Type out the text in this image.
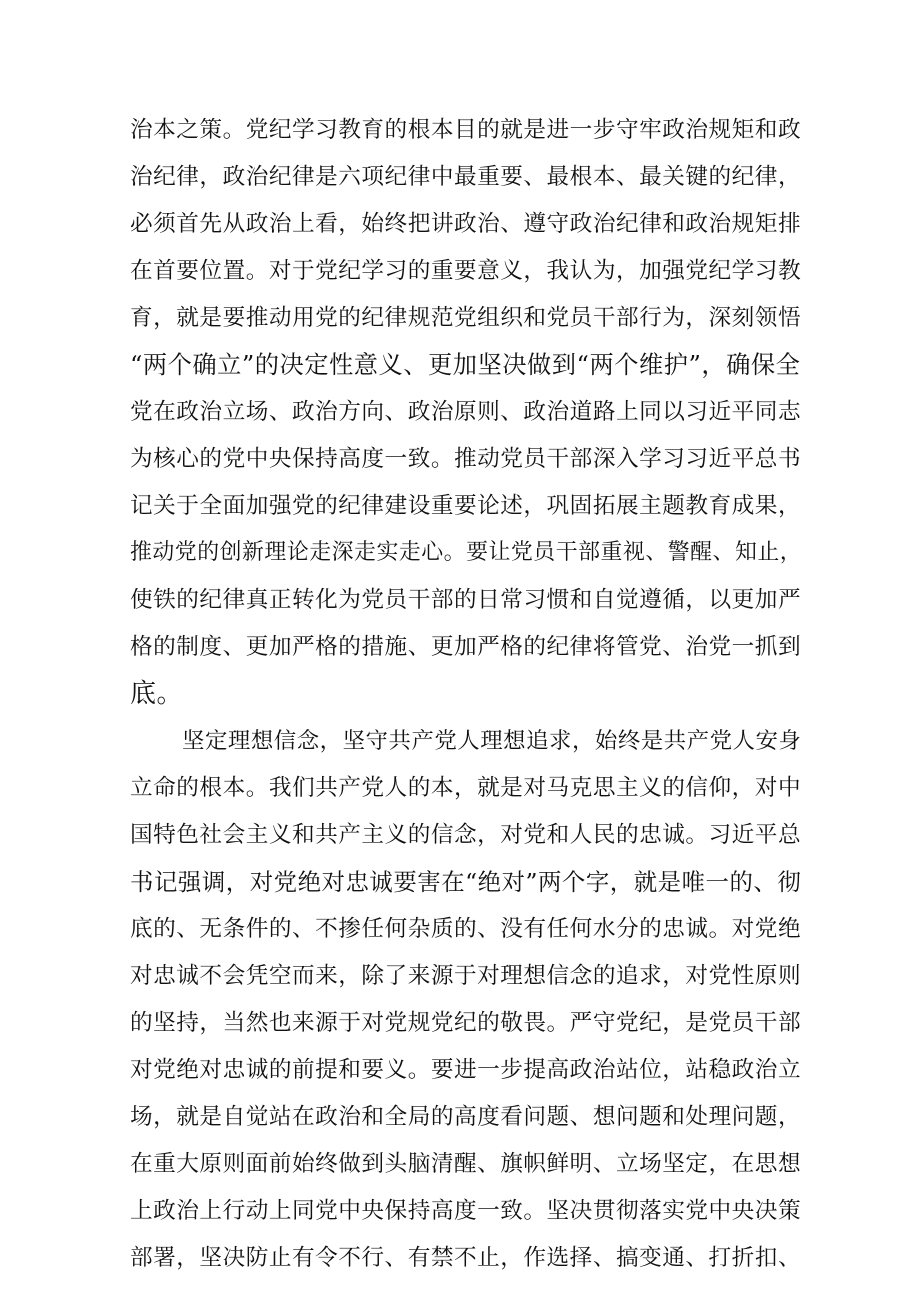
治本之策。党纪学习教育的根本目的就是进一步守牢政治规矩和政
治纪律，政治纪律是六项纪律中最重要、最根本、最关键的纪律，
必须首先从政治上看，始终把讲政治、遵守政治纪律和政治规矩排
在首要位置。对于党纪学习的重要意义，我认为，加强党纪学习教
育，就是要推动用党的纪律规范党组织和党员干部行为，深刻领悟
“两个确立”的决定性意义、更加坚决做到“两个维护”，确保全
党在政治立场、政治方向、政治原则、政治道路上同以习近平同志
为核心的党中央保持高度一致。推动党员干部深入学习习近平总书
记关于全面加强党的纪律建设重要论述，巩固拓展主题教育成果，
推动党的创新理论走深走实走心。要让党员干部重视、警醒、知止，
使铁的纪律真正转化为党员干部的日常习惯和自觉遵循，以更加严
格的制度、更加严格的措施、更加严格的纪律将管党、治党一抓到
底。
坚定理想信念，坚守共产党人理想追求，始终是共产党人安身
立命的根本。我们共产党人的本，就是对马克思主义的信仰，对中
国特色社会主义和共产主义的信念，对党和人民的忠诚。习近平总
书记强调，对党绝对忠诚要害在“绝对”两个字，就是唯一的、彻
底的、无条件的、不掺任何杂质的、没有任何水分的忠诚。对党绝
对忠诚不会凭空而来，除了来源于对理想信念的追求，对党性原则
的坚持，当然也来源于对党规党纪的敬畏。严守党纪，是党员干部
对党绝对忠诚的前提和要义。要进一步提高政治站位，站稳政治立
场，就是自觉站在政治和全局的高度看问题、想问题和处理问题，
在重大原则面前始终做到头脑清醒、旗帜鲜明、立场坚定，在思想
上政治上行动上同党中央保持高度一致。坚决贯彻落实党中央决策
部署，坚决防止有令不行、有禁不止，作选择、搞变通、打折扣、
